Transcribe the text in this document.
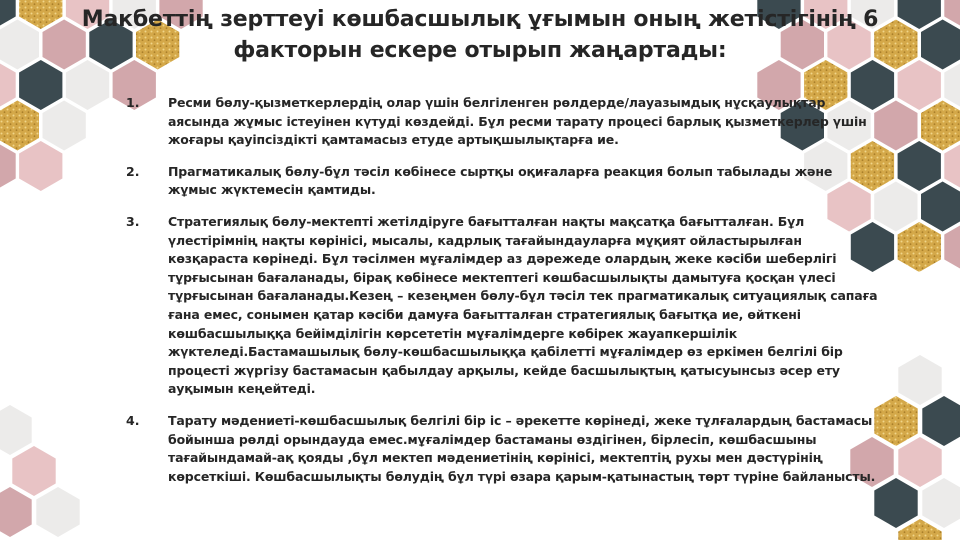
Макбеттің зерттеуі көшбасшылық ұғымын оның жетістігінің 6 факторын ескере отырып жаңартады:
1.	Ресми бөлу-қызметкерлердің олар үшін белгіленген рөлдерде/лауазымдық нұсқаулықтар аясында жұмыс істеуінен күтуді көздейді. Бұл ресми тарату процесі барлық қызметкерлер үшін жоғары қауіпсіздікті қамтамасыз етуде артықшылықтарға ие.
2.	Прагматикалық бөлу-бұл тәсіл көбінесе сыртқы оқиғаларға реакция болып табылады және жұмыс жүктемесін қамтиды.
3.	Стратегиялық бөлу-мектепті жетілдіруге бағытталған нақты мақсатқа бағытталған. Бұл үлестірімнің нақты көрінісі, мысалы, кадрлық тағайындауларға мұқият ойластырылған көзқараста көрінеді. Бұл тәсілмен мұғалімдер аз дәрежеде олардың жеке кәсіби шеберлігі тұрғысынан бағаланады, бірақ көбінесе мектептегі көшбасшылықты дамытуға қосқан үлесі тұрғысынан бағаланады.Кезең – кезеңмен бөлу-бұл тәсіл тек прагматикалық ситуациялық сапаға ғана емес, сонымен қатар кәсіби дамуға бағытталған стратегиялық бағытқа ие, өйткені көшбасшылыққа бейімділігін көрсететін мұғалімдерге көбірек жауапкершілік жүктеледі.Бастамашылық бөлу-көшбасшылыққа қабілетті мұғалімдер өз еркімен белгілі бір процесті жүргізу бастамасын қабылдау арқылы, кейде басшылықтың қатысуынсыз әсер ету ауқымын кеңейтеді.
4.	Тарату мәдениеті-көшбасшылық белгілі бір іс – әрекетте көрінеді, жеке тұлғалардың бастамасы бойынша рөлді орындауда емес.мұғалімдер бастаманы өздігінен, бірлесіп, көшбасшыны тағайындамай-ақ қояды ,бұл мектеп мәдениетінің көрінісі, мектептің рухы мен дәстүрінің көрсеткіші. Көшбасшылықты бөлудің бұл түрі өзара қарым-қатынастың төрт түріне байланысты.
